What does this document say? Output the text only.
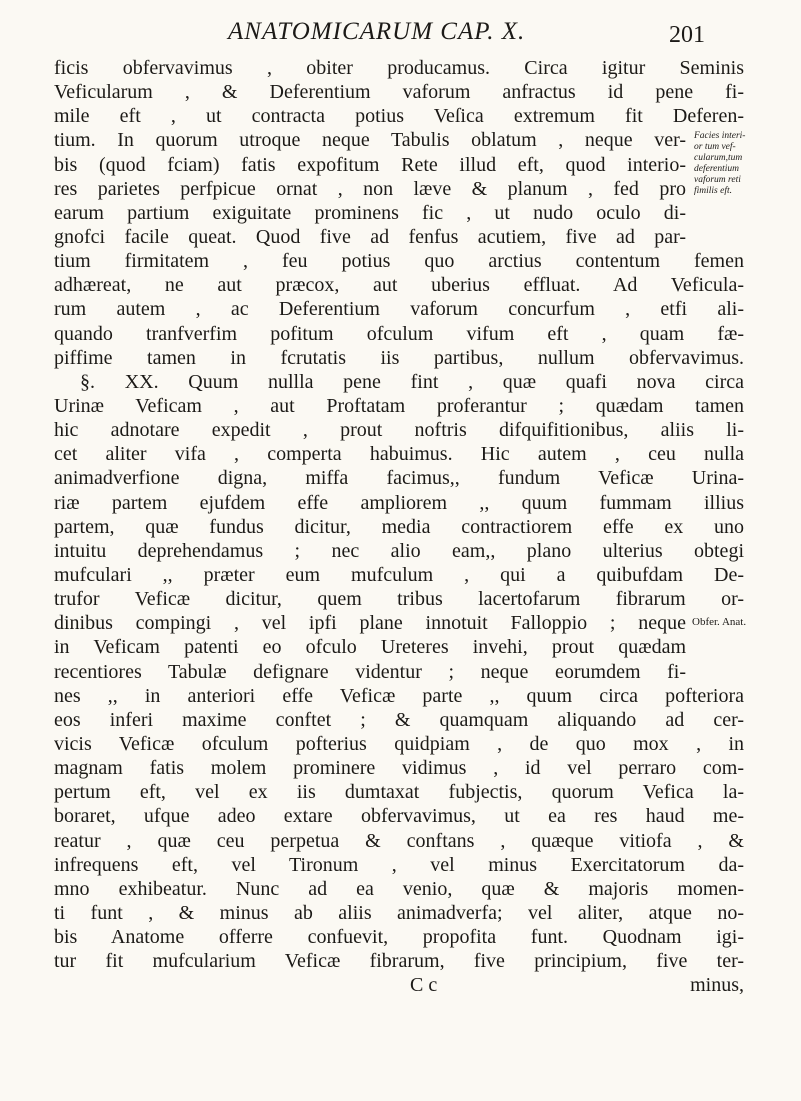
ANATOMICARUM CAP. X.	201
ficis obfervavimus , obiter producamus. Circa igitur Seminis
Veficularum , & Deferentium vaforum anfractus id pene fi-
mile eft , ut contracta potius Veſica extremum fit Deferen-
tium. In quorum utroque neque Tabulis oblatum , neque ver-
bis (quod fciam) fatis expofitum Rete illud eft, quod interio-
res parietes perfpicue ornat , non læve & planum , fed pro
earum partium exiguitate prominens fic , ut nudo oculo di-
gnofci facile queat. Quod five ad fenfus acutiem, five ad par-
tium firmitatem , feu potius quo arctius contentum femen
adhæreat, ne aut præcox, aut uberius effluat. Ad Veficula-
rum autem , ac Deferentium vaforum concurfum , etfi ali-
quando tranfverfim pofitum ofculum vifum eft , quam fæ-
piffime tamen in fcrutatis iis partibus, nullum obfervavimus.
§. XX. Quum nullla pene fint , quæ quafi nova circa
Urinæ Veficam , aut Proftatam proferantur ; quædam tamen
hic adnotare expedit , prout noftris difquifitionibus, aliis li-
cet aliter vifa , comperta habuimus. Hic autem , ceu nulla
animadverfione digna, miffa facimus,, fundum Veficæ Urina-
riæ partem ejufdem effe ampliorem ,, quum fummam illius
partem, quæ fundus dicitur, media contractiorem effe ex uno
intuitu deprehendamus ; nec alio eam,, plano ulterius obtegi
mufculari ,, præter eum mufculum , qui a quibufdam De-
trufor Veficæ dicitur, quem tribus lacertofarum fibrarum or-
dinibus compingi , vel ipfi plane innotuit Falloppio ; neque
in Veficam patenti eo ofculo Ureteres invehi, prout quædam
recentiores Tabulæ defignare videntur ; neque eorumdem fi-
nes ,, in anteriori effe Veficæ parte ,, quum circa pofteriora
eos inferi maxime conftet ; & quamquam aliquando ad cer-
vicis Veficæ ofculum pofterius quidpiam , de quo mox , in
magnam fatis molem prominere vidimus , id vel perraro com-
pertum eft, vel ex iis dumtaxat fubjectis, quorum Vefica la-
boraret, ufque adeo extare obfervavimus, ut ea res haud me-
reatur , quæ ceu perpetua & conftans , quæque vitiofa , &
infrequens eft, vel Tironum , vel minus Exercitatorum da-
mno exhibeatur. Nunc ad ea venio, quæ & majoris momen-
ti funt , & minus ab aliis animadverfa; vel aliter, atque no-
bis Anatome offerre confuevit, propofita funt. Quodnam igi-
tur fit mufcularium Veficæ fibrarum, five principium, five ter-
C c	minus,
Facies interi-
or tum vef-
cularum,tum
deferentium
vaforum reti
fimilis eft.
Obfer. Anat.
